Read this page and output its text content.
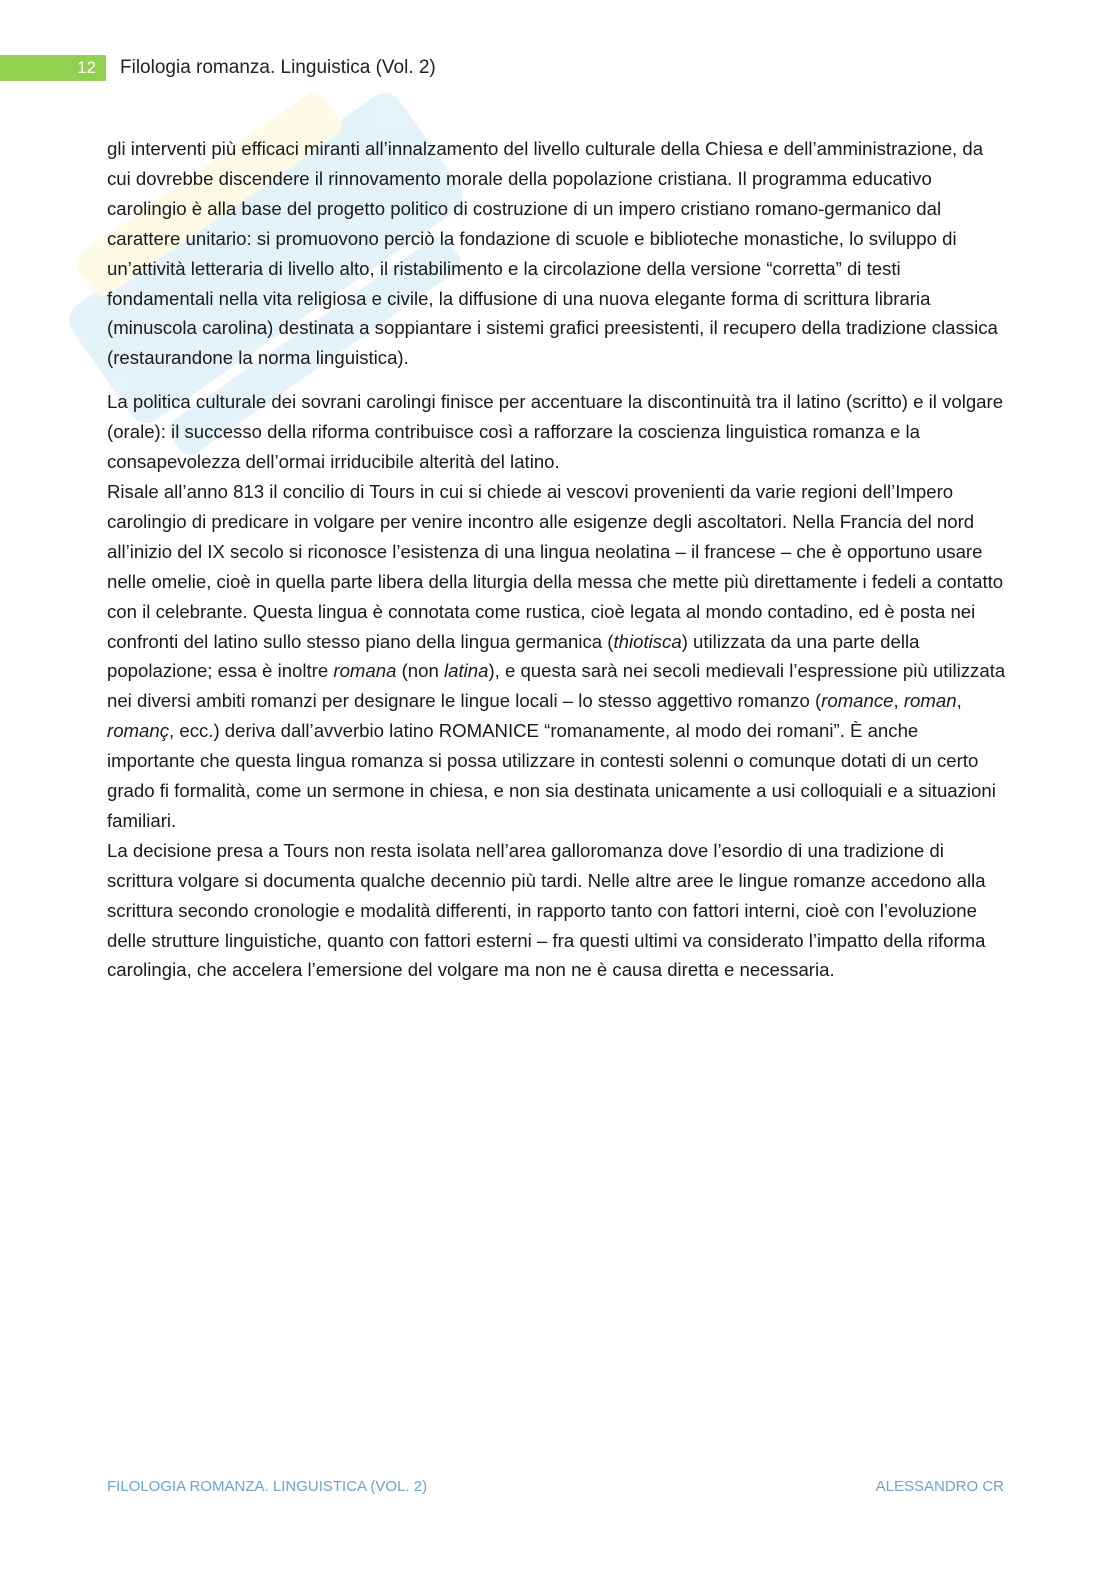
12 Filologia romanza. Linguistica (Vol. 2)

gli interventi più efficaci miranti all’innalzamento del livello culturale della Chiesa e dell’amministrazione, da cui dovrebbe discendere il rinnovamento morale della popolazione cristiana. Il programma educativo carolingio è alla base del progetto politico di costruzione di un impero cristiano romano-germanico dal carattere unitario: si promuovono perciò la fondazione di scuole e biblioteche monastiche, lo sviluppo di un’attività letteraria di livello alto, il ristabilimento e la circolazione della versione “corretta” di testi fondamentali nella vita religiosa e civile, la diffusione di una nuova elegante forma di scrittura libraria (minuscola carolina) destinata a soppiantare i sistemi grafici preesistenti, il recupero della tradizione classica (restaurandone la norma linguistica).

La politica culturale dei sovrani carolingi finisce per accentuare la discontinuità tra il latino (scritto) e il volgare (orale): il successo della riforma contribuisce così a rafforzare la coscienza linguistica romanza e la consapevolezza dell’ormai irriducibile alterità del latino.

Risale all’anno 813 il concilio di Tours in cui si chiede ai vescovi provenienti da varie regioni dell’Impero carolingio di predicare in volgare per venire incontro alle esigenze degli ascoltatori. Nella Francia del nord all’inizio del IX secolo si riconosce l’esistenza di una lingua neolatina – il francese – che è opportuno usare nelle omelie, cioè in quella parte libera della liturgia della messa che mette più direttamente i fedeli a contatto con il celebrante. Questa lingua è connotata come rustica, cioè legata al mondo contadino, ed è posta nei confronti del latino sullo stesso piano della lingua germanica (thiotisca) utilizzata da una parte della popolazione; essa è inoltre romana (non latina), e questa sarà nei secoli medievali l’espressione più utilizzata nei diversi ambiti romanzi per designare le lingue locali – lo stesso aggettivo romanzo (romance, roman, romanç, ecc.) deriva dall’avverbio latino ROMANICE “romanamente, al modo dei romani”. È anche importante che questa lingua romanza si possa utilizzare in contesti solenni o comunque dotati di un certo grado fi formalità, come un sermone in chiesa, e non sia destinata unicamente a usi colloquiali e a situazioni familiari.

La decisione presa a Tours non resta isolata nell’area galloromanza dove l’esordio di una tradizione di scrittura volgare si documenta qualche decennio più tardi. Nelle altre aree le lingue romanze accedono alla scrittura secondo cronologie e modalità differenti, in rapporto tanto con fattori interni, cioè con l’evoluzione delle strutture linguistiche, quanto con fattori esterni – fra questi ultimi va considerato l’impatto della riforma carolingia, che accelera l’emersione del volgare ma non ne è causa diretta e necessaria.

FILOLOGIA ROMANZA. LINGUISTICA (VOL. 2)	ALESSANDRO CR
